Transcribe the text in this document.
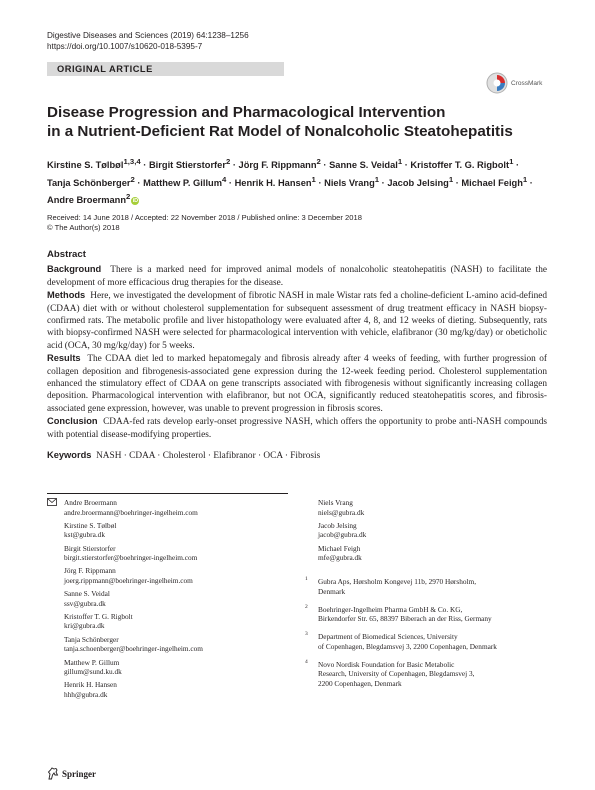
Digestive Diseases and Sciences (2019) 64:1238–1256
https://doi.org/10.1007/s10620-018-5395-7
ORIGINAL ARTICLE
CrossMark
Disease Progression and Pharmacological Intervention
in a Nutrient-Deficient Rat Model of Nonalcoholic Steatohepatitis
Kirstine S. Tølbøl$^{1,3,4}$ · Birgit Stierstorfer$^2$ · Jörg F. Rippmann$^2$ · Sanne S. Veidal$^1$ · Kristoffer T. G. Rigbolt$^1$ ·
Tanja Schönberger$^2$ · Matthew P. Gillum$^4$ · Henrik H. Hansen$^1$ · Niels Vrang$^1$ · Jacob Jelsing$^1$ · Michael Feigh$^1$ ·
Andre Broermann$^2$iD
Received: 14 June 2018 / Accepted: 22 November 2018 / Published online: 3 December 2018
© The Author(s) 2018
Abstract

Background There is a marked need for improved animal models of nonalcoholic steatohepatitis (NASH) to facilitate the development of more efficacious drug therapies for the disease.

Methods Here, we investigated the development of fibrotic NASH in male Wistar rats fed a choline-deficient L-amino acid-defined (CDAA) diet with or without cholesterol supplementation for subsequent assessment of drug treatment efficacy in NASH biopsy-confirmed rats. The metabolic profile and liver histopathology were evaluated after 4, 8, and 12 weeks of dieting. Subsequently, rats with biopsy-confirmed NASH were selected for pharmacological intervention with vehicle, elafibranor (30 mg/kg/day) or obeticholic acid (OCA, 30 mg/kg/day) for 5 weeks.

Results The CDAA diet led to marked hepatomegaly and fibrosis already after 4 weeks of feeding, with further progression of collagen deposition and fibrogenesis-associated gene expression during the 12-week feeding period. Cholesterol supplementation enhanced the stimulatory effect of CDAA on gene transcripts associated with fibrogenesis without significantly increasing collagen deposition. Pharmacological intervention with elafibranor, but not OCA, significantly reduced steatohepatitis scores, and fibrosis-associated gene expression, however, was unable to prevent progression in fibrosis scores.

Conclusion CDAA-fed rats develop early-onset progressive NASH, which offers the opportunity to probe anti-NASH compounds with potential disease-modifying properties.

Keywords NASH · CDAA · Cholesterol · Elafibranor · OCA · Fibrosis
Andre Broermann
andre.broermann@boehringer-ingelheim.com
Kirstine S. Tølbøl
kst@gubra.dk
Birgit Stierstorfer
birgit.stierstorfer@boehringer-ingelheim.com
Jörg F. Rippmann
joerg.rippmann@boehringer-ingelheim.com
Sanne S. Veidal
ssv@gubra.dk
Kristoffer T. G. Rigbolt
kri@gubra.dk
Tanja Schönberger
tanja.schoenberger@boehringer-ingelheim.com
Matthew P. Gillum
gillum@sund.ku.dk
Henrik H. Hansen
hhh@gubra.dk
Niels Vrang
niels@gubra.dk
Jacob Jelsing
jacob@gubra.dk
Michael Feigh
mfe@gubra.dk
1 Gubra Aps, Hørsholm Kongevej 11b, 2970 Hørsholm,
Denmark
2 Boehringer-Ingelheim Pharma GmbH & Co. KG,
Birkendorfer Str. 65, 88397 Biberach an der Riss, Germany
3 Department of Biomedical Sciences, University
of Copenhagen, Blegdamsvej 3, 2200 Copenhagen, Denmark
4 Novo Nordisk Foundation for Basic Metabolic
Research, University of Copenhagen, Blegdamsvej 3,
2200 Copenhagen, Denmark
Springer
